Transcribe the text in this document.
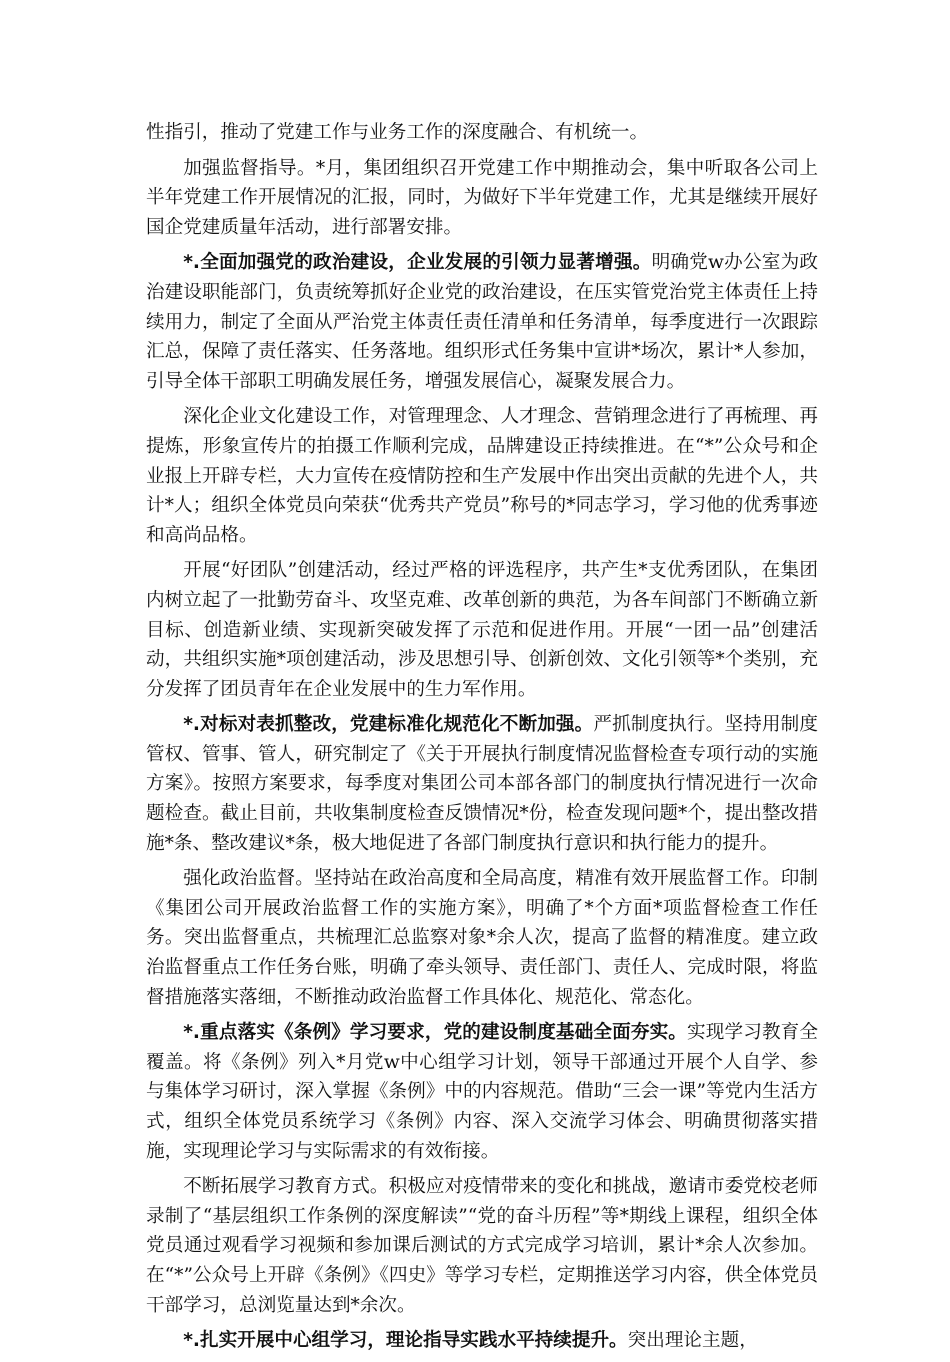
性指引，推动了党建工作与业务工作的深度融合、有机统一。

加强监督指导。*月，集团组织召开党建工作中期推动会，集中听取各公司上半年党建工作开展情况的汇报，同时，为做好下半年党建工作，尤其是继续开展好国企党建质量年活动，进行部署安排。

*.全面加强党的政治建设，企业发展的引领力显著增强。明确党w办公室为政治建设职能部门，负责统筹抓好企业党的政治建设，在压实管党治党主体责任上持续用力，制定了全面从严治党主体责任责任清单和任务清单，每季度进行一次跟踪汇总，保障了责任落实、任务落地。组织形式任务集中宣讲*场次，累计*人参加，引导全体干部职工明确发展任务，增强发展信心，凝聚发展合力。

深化企业文化建设工作，对管理理念、人才理念、营销理念进行了再梳理、再提炼，形象宣传片的拍摄工作顺利完成，品牌建设正持续推进。在“*”公众号和企业报上开辟专栏，大力宣传在疫情防控和生产发展中作出突出贡献的先进个人，共计*人；组织全体党员向荣获“优秀共产党员”称号的*同志学习，学习他的优秀事迹和高尚品格。

开展“好团队”创建活动，经过严格的评选程序，共产生*支优秀团队，在集团内树立起了一批勤劳奋斗、攻坚克难、改革创新的典范，为各车间部门不断确立新目标、创造新业绩、实现新突破发挥了示范和促进作用。开展“一团一品”创建活动，共组织实施*项创建活动，涉及思想引导、创新创效、文化引领等*个类别，充分发挥了团员青年在企业发展中的生力军作用。

*.对标对表抓整改，党建标准化规范化不断加强。严抓制度执行。坚持用制度管权、管事、管人，研究制定了《关于开展执行制度情况监督检查专项行动的实施方案》。按照方案要求，每季度对集团公司本部各部门的制度执行情况进行一次命题检查。截止目前，共收集制度检查反馈情况*份，检查发现问题*个，提出整改措施*条、整改建议*条，极大地促进了各部门制度执行意识和执行能力的提升。

强化政治监督。坚持站在政治高度和全局高度，精准有效开展监督工作。印制《集团公司开展政治监督工作的实施方案》，明确了*个方面*项监督检查工作任务。突出监督重点，共梳理汇总监察对象*余人次，提高了监督的精准度。建立政治监督重点工作任务台账，明确了牵头领导、责任部门、责任人、完成时限，将监督措施落实落细，不断推动政治监督工作具体化、规范化、常态化。

*.重点落实《条例》学习要求，党的建设制度基础全面夯实。实现学习教育全覆盖。将《条例》列入*月党w中心组学习计划，领导干部通过开展个人自学、参与集体学习研讨，深入掌握《条例》中的内容规范。借助“三会一课”等党内生活方式，组织全体党员系统学习《条例》内容、深入交流学习体会、明确贯彻落实措施，实现理论学习与实际需求的有效衔接。

不断拓展学习教育方式。积极应对疫情带来的变化和挑战，邀请市委党校老师录制了“基层组织工作条例的深度解读”“党的奋斗历程”等*期线上课程，组织全体党员通过观看学习视频和参加课后测试的方式完成学习培训，累计*余人次参加。在“*”公众号上开辟《条例》《四史》等学习专栏，定期推送学习内容，供全体党员干部学习，总浏览量达到*余次。

*.扎实开展中心组学习，理论指导实践水平持续提升。突出理论主题，
